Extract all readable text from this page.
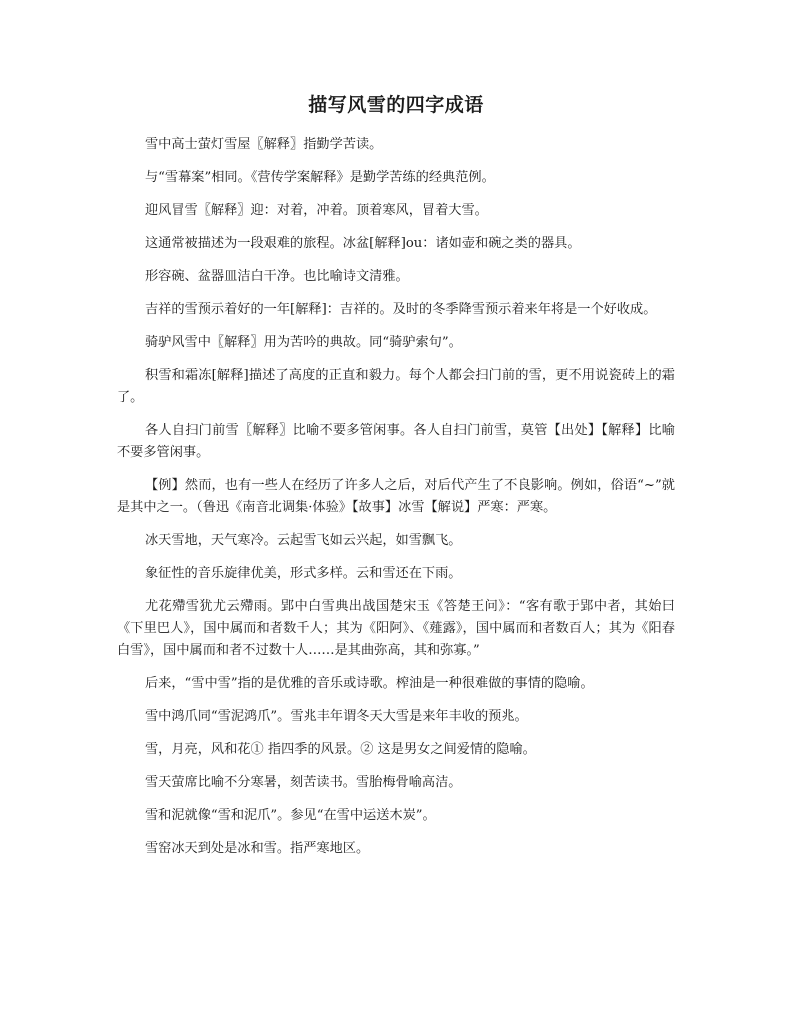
描写风雪的四字成语

雪中高士萤灯雪屋〖解释〗指勤学苦读。

与“雪幕案”相同。《营传学案解释》是勤学苦练的经典范例。

迎风冒雪〖解释〗迎：对着，冲着。顶着寒风，冒着大雪。

这通常被描述为一段艰难的旅程。冰盆[解释]ou：诸如壶和碗之类的器具。

形容碗、盆器皿洁白干净。也比喻诗文清雅。

吉祥的雪预示着好的一年[解释]：吉祥的。及时的冬季降雪预示着来年将是一个好收成。

骑驴风雪中〖解释〗用为苦吟的典故。同“骑驴索句”。

积雪和霜冻[解释]描述了高度的正直和毅力。每个人都会扫门前的雪，更不用说瓷砖上的霜了。

各人自扫门前雪〖解释〗比喻不要多管闲事。各人自扫门前雪，莫管【出处】【解释】比喻不要多管闲事。

【例】然而，也有一些人在经历了许多人之后，对后代产生了不良影响。例如，俗语“~”就是其中之一。（鲁迅《南音北调集·体验》【故事】冰雪【解说】严寒：严寒。

冰天雪地，天气寒冷。云起雪飞如云兴起，如雪飘飞。

象征性的音乐旋律优美，形式多样。云和雪还在下雨。

尤花殢雪犹尤云殢雨。郢中白雪典出战国楚宋玉《答楚王问》：“客有歌于郢中者，其始曰《下里巴人》，国中属而和者数千人；其为《阳阿》、《薤露》，国中属而和者数百人；其为《阳春白雪》，国中属而和者不过数十人……是其曲弥高，其和弥寡。”

后来，“雪中雪”指的是优雅的音乐或诗歌。榨油是一种很难做的事情的隐喻。

雪中鸿爪同“雪泥鸿爪”。雪兆丰年谓冬天大雪是来年丰收的预兆。

雪，月亮，风和花① 指四季的风景。② 这是男女之间爱情的隐喻。

雪天萤席比喻不分寒暑，刻苦读书。雪胎梅骨喻高洁。

雪和泥就像“雪和泥爪”。参见“在雪中运送木炭”。

雪窑冰天到处是冰和雪。指严寒地区。
